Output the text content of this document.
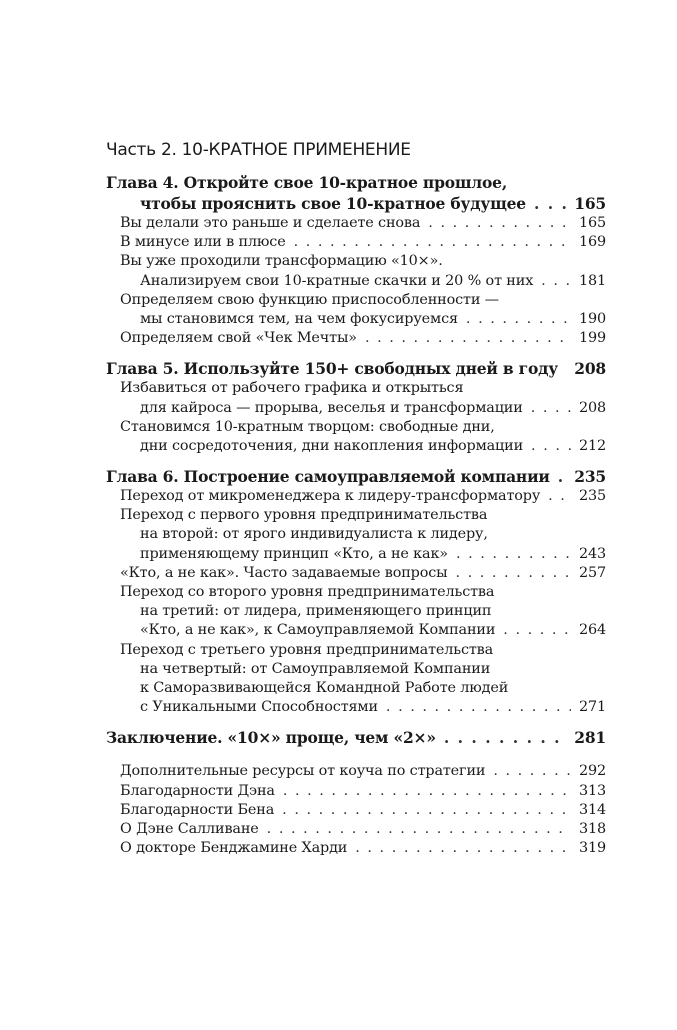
Часть 2. 10-КРАТНОЕ ПРИМЕНЕНИЕ
Глава 4. Откройте свое 10-кратное прошлое,
чтобы прояснить свое 10-кратное будущее . . .	165
Вы делали это раньше и сделаете снова . . .	165
В минусе или в плюсе . . .	169
Вы уже проходили трансформацию «10×».
Анализируем свои 10-кратные скачки и 20 % от них . . .	181
Определяем свою функцию приспособленности —
мы становимся тем, на чем фокусируемся . . .	190
Определяем свой «Чек Мечты» . . .	199
Глава 5. Используйте 150+ свободных дней в году . . . 208
Избавиться от рабочего графика и открыться
для кайроса — прорыва, веселья и трансформации . . .	208
Становимся 10-кратным творцом: свободные дни,
дни сосредоточения, дни накопления информации . . .	212
Глава 6. Построение самоуправляемой компании . . . 235
Переход от микроменеджера к лидеру-трансформатору . . .	235
Переход с первого уровня предпринимательства
на второй: от ярого индивидуалиста к лидеру,
применяющему принцип «Кто, а не как» . . .	243
«Кто, а не как». Часто задаваемые вопросы . . .	257
Переход со второго уровня предпринимательства
на третий: от лидера, применяющего принцип
«Кто, а не как», к Самоуправляемой Компании . . .	264
Переход с третьего уровня предпринимательства
на четвертый: от Самоуправляемой Компании
к Саморазвивающейся Командной Работе людей
с Уникальными Способностями . . .	271
Заключение. «10×» проще, чем «2×» . . .	281
Дополнительные ресурсы от коуча по стратегии . . .	292
Благодарности Дэна . . .	313
Благодарности Бена . . .	314
О Дэне Салливане . . .	318
О докторе Бенджамине Харди . . .	319
